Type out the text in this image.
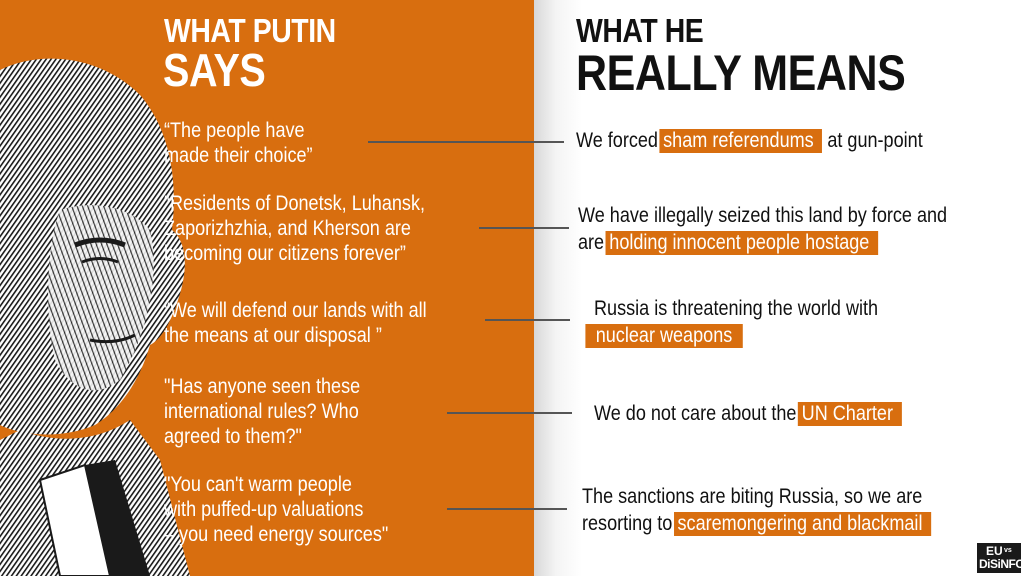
WHAT PUTIN
SAYS
WHAT HE
REALLY MEANS
“The people have
made their choice”
We forced sham referendums at gun-point
“Residents of Donetsk, Luhansk,
Zaporizhzhia, and Kherson are
becoming our citizens forever”
We have illegally seized this land by force and
are holding innocent people hostage
“We will defend our lands with all
the means at our disposal ”
Russia is threatening the world with
nuclear weapons
"Has anyone seen these
international rules? Who
agreed to them?"
We do not care about the UN Charter
"You can't warm people
with puffed-up valuations
– you need energy sources"
The sanctions are biting Russia, so we are
resorting to scaremongering and blackmail
EU vs
DiSiNFO
